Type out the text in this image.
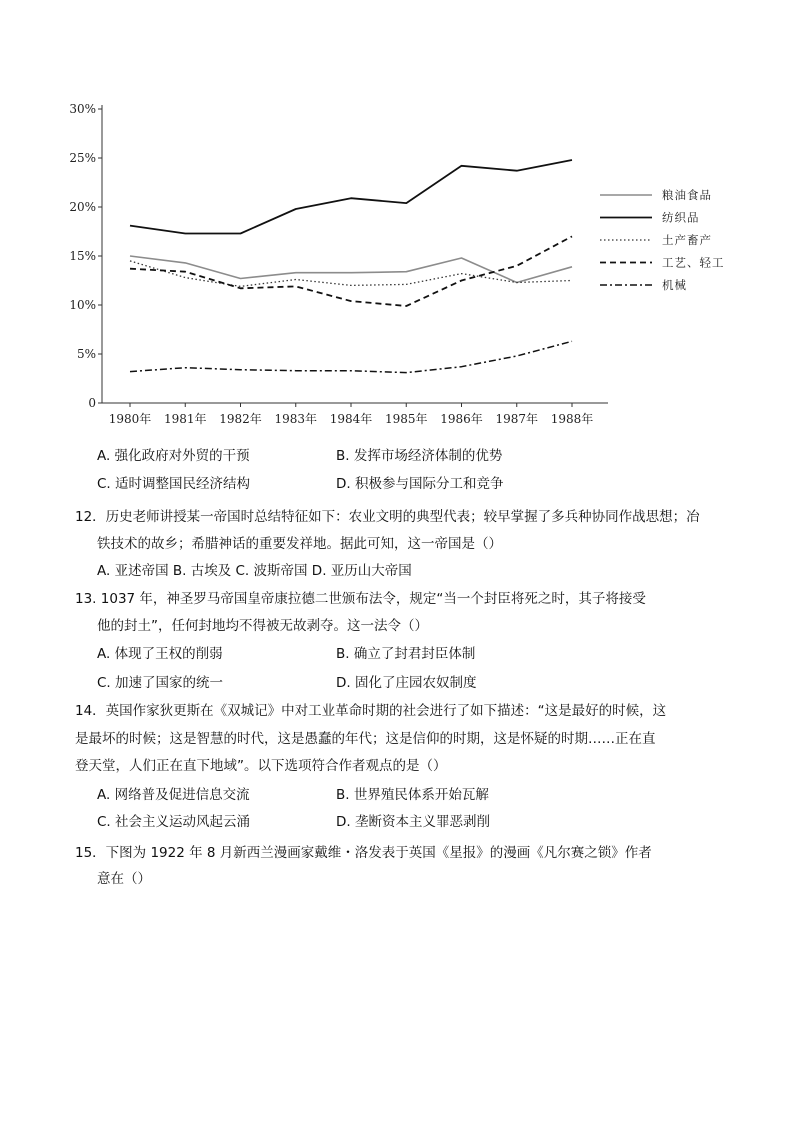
0
5%
10%
15%
20%
25%
30%
1980年 1981年 1982年 1983年 1984年 1985年 1986年 1987年 1988年
粮油食品
纺织品
土产畜产
工艺、轻工
机械
A. 强化政府对外贸的干预	B. 发挥市场经济体制的优势
C. 适时调整国民经济结构	D. 积极参与国际分工和竞争
12．历史老师讲授某一帝国时总结特征如下：农业文明的典型代表；较早掌握了多兵种协同作战思想；冶
铁技术的故乡；希腊神话的重要发祥地。据此可知，这一帝国是（）
A. 亚述帝国 B. 古埃及 C. 波斯帝国 D. 亚历山大帝国
13. 1037 年，神圣罗马帝国皇帝康拉德二世颁布法令，规定“当一个封臣将死之时，其子将接受
他的封土”，任何封地均不得被无故剥夺。这一法令（）
A. 体现了王权的削弱	B. 确立了封君封臣体制
C. 加速了国家的统一	D. 固化了庄园农奴制度
14．英国作家狄更斯在《双城记》中对工业革命时期的社会进行了如下描述：“这是最好的时候，这
是最坏的时候；这是智慧的时代，这是愚蠢的年代；这是信仰的时期，这是怀疑的时期……正在直
登天堂，人们正在直下地域”。以下选项符合作者观点的是（）
A. 网络普及促进信息交流	B. 世界殖民体系开始瓦解
C. 社会主义运动风起云涌	D. 垄断资本主义罪恶剥削
15．下图为 1922 年 8 月新西兰漫画家戴维・洛发表于英国《星报》的漫画《凡尔赛之锁》作者
意在（）
